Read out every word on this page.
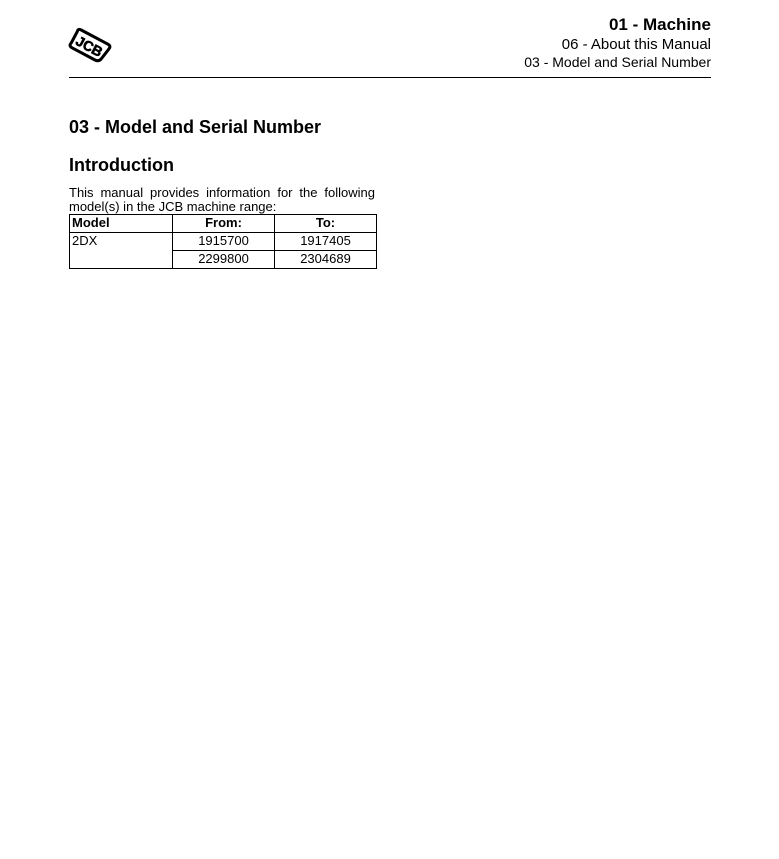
JCB
01 - Machine
06 - About this Manual
03 - Model and Serial Number
03 - Model and Serial Number
Introduction

This manual provides information for the following model(s) in the JCB machine range:

Model	From:	To:
2DX	1915700	1917405
	2299800	2304689
